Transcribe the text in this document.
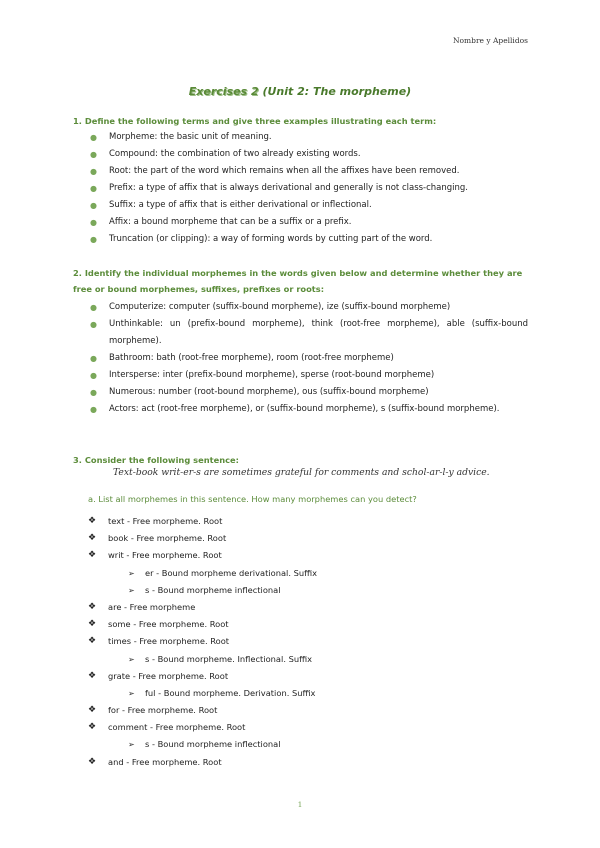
Nombre y Apellidos
Exercises 2 (Unit 2: The morpheme)
1. Define the following terms and give three examples illustrating each term:
● Morpheme: the basic unit of meaning.
● Compound: the combination of two already existing words.
● Root: the part of the word which remains when all the affixes have been removed.
● Prefix: a type of affix that is always derivational and generally is not class-changing.
● Suffix: a type of affix that is either derivational or inflectional.
● Affix: a bound morpheme that can be a suffix or a prefix.
● Truncation (or clipping): a way of forming words by cutting part of the word.
2. Identify the individual morphemes in the words given below and determine whether they are free or bound morphemes, suffixes, prefixes or roots:
● Computerize: computer (suffix-bound morpheme), ize (suffix-bound morpheme)
● Unthinkable: un (prefix-bound morpheme), think (root-free morpheme), able (suffix-bound morpheme).
● Bathroom: bath (root-free morpheme), room (root-free morpheme)
● Intersperse: inter (prefix-bound morpheme), sperse (root-bound morpheme)
● Numerous: number (root-bound morpheme), ous (suffix-bound morpheme)
● Actors: act (root-free morpheme), or (suffix-bound morpheme), s (suffix-bound morpheme).
3. Consider the following sentence:
Text-book writ-er-s are sometimes grateful for comments and schol-ar-l-y advice.
a. List all morphemes in this sentence. How many morphemes can you detect?
❖ text - Free morpheme. Root
❖ book - Free morpheme. Root
❖ writ - Free morpheme. Root
➢ er - Bound morpheme derivational. Suffix
➢ s - Bound morpheme inflectional
❖ are - Free morpheme
❖ some - Free morpheme. Root
❖ times - Free morpheme. Root
➢ s - Bound morpheme. Inflectional. Suffix
❖ grate - Free morpheme. Root
➢ ful - Bound morpheme. Derivation. Suffix
❖ for - Free morpheme. Root
❖ comment - Free morpheme. Root
➢ s - Bound morpheme inflectional
❖ and - Free morpheme. Root
1
